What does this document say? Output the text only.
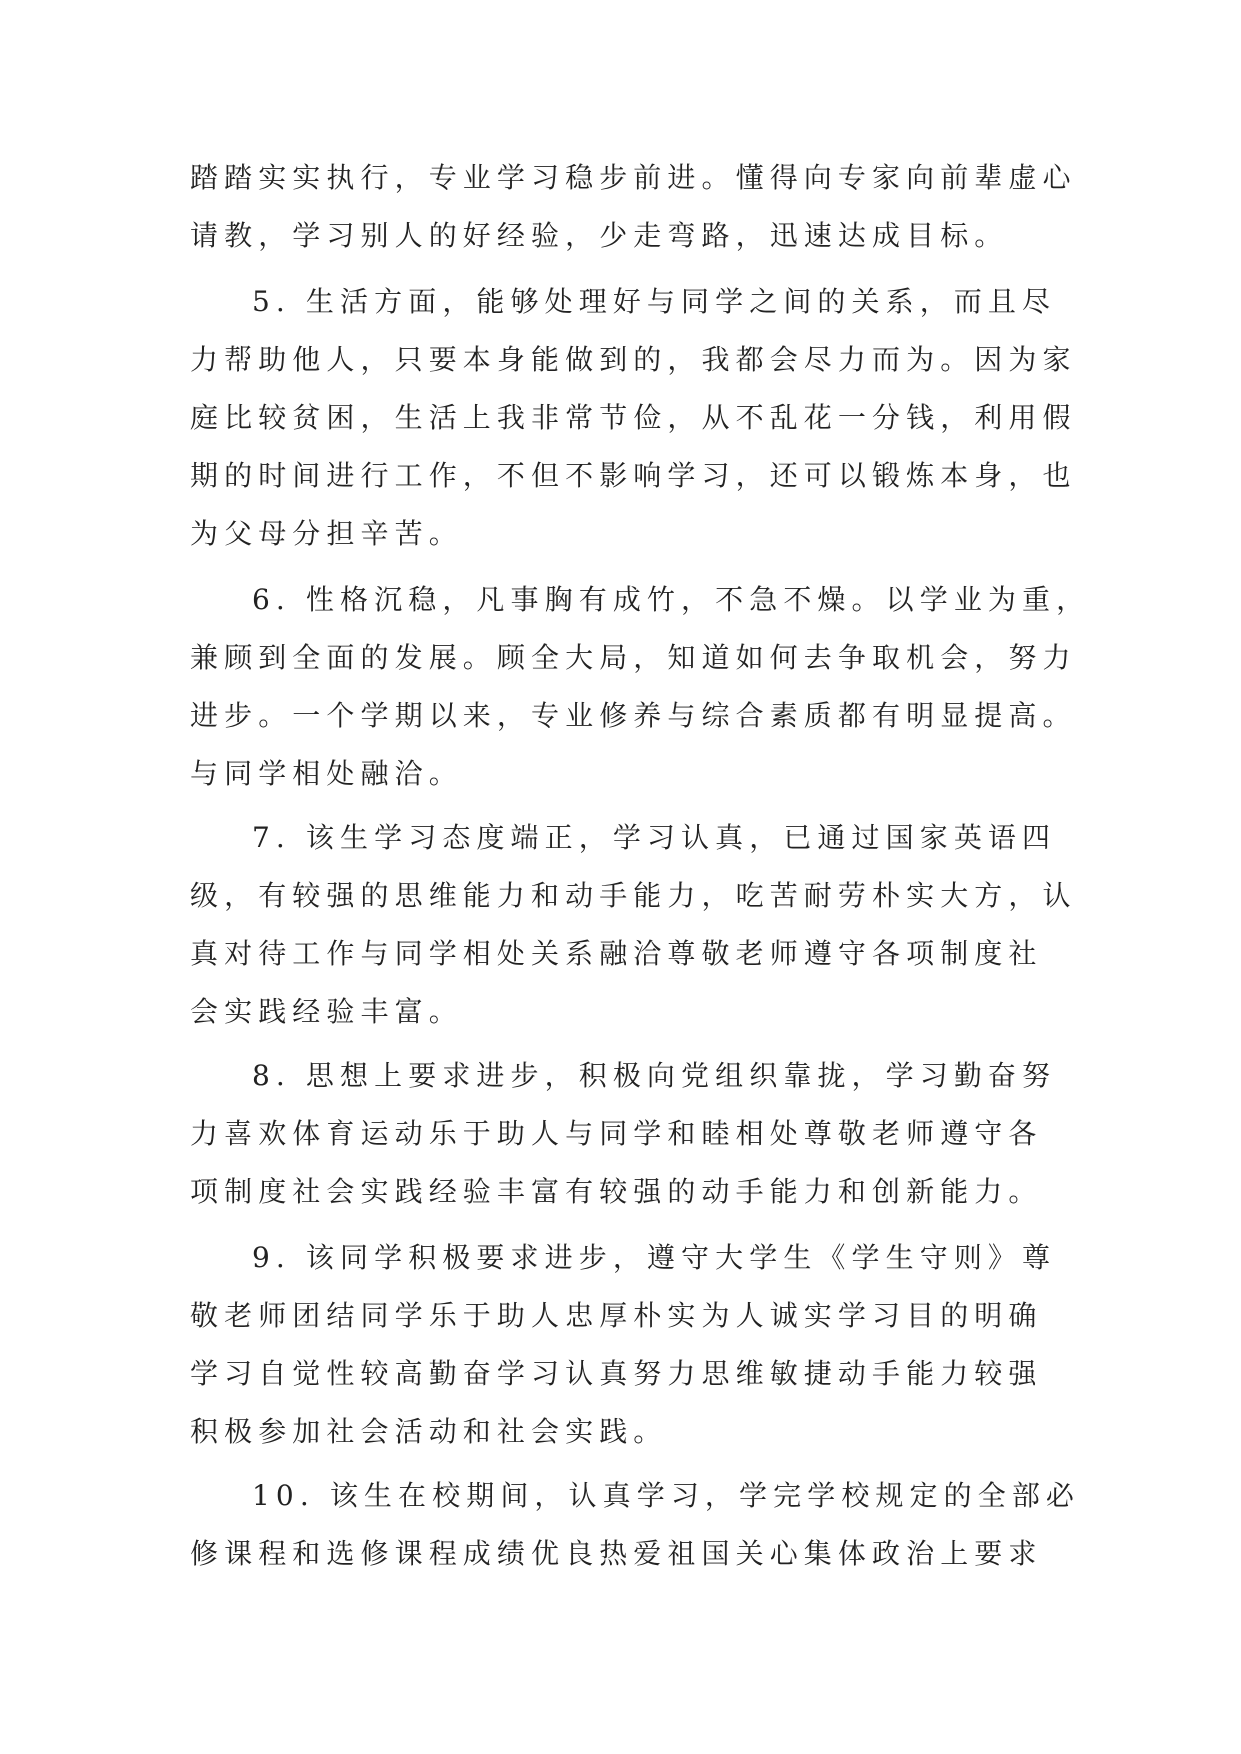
踏踏实实执行，专业学习稳步前进。懂得向专家向前辈虚心
请教，学习别人的好经验，少走弯路，迅速达成目标。
5. 生活方面，能够处理好与同学之间的关系，而且尽
力帮助他人，只要本身能做到的，我都会尽力而为。因为家
庭比较贫困，生活上我非常节俭，从不乱花一分钱，利用假
期的时间进行工作，不但不影响学习，还可以锻炼本身，也
为父母分担辛苦。
6. 性格沉稳，凡事胸有成竹，不急不燥。以学业为重，
兼顾到全面的发展。顾全大局，知道如何去争取机会，努力
进步。一个学期以来，专业修养与综合素质都有明显提高。
与同学相处融洽。
7. 该生学习态度端正，学习认真，已通过国家英语四
级，有较强的思维能力和动手能力，吃苦耐劳朴实大方，认
真对待工作与同学相处关系融洽尊敬老师遵守各项制度社
会实践经验丰富。
8. 思想上要求进步，积极向党组织靠拢，学习勤奋努
力喜欢体育运动乐于助人与同学和睦相处尊敬老师遵守各
项制度社会实践经验丰富有较强的动手能力和创新能力。
9. 该同学积极要求进步，遵守大学生《学生守则》尊
敬老师团结同学乐于助人忠厚朴实为人诚实学习目的明确
学习自觉性较高勤奋学习认真努力思维敏捷动手能力较强
积极参加社会活动和社会实践。
10. 该生在校期间，认真学习，学完学校规定的全部必
修课程和选修课程成绩优良热爱祖国关心集体政治上要求
